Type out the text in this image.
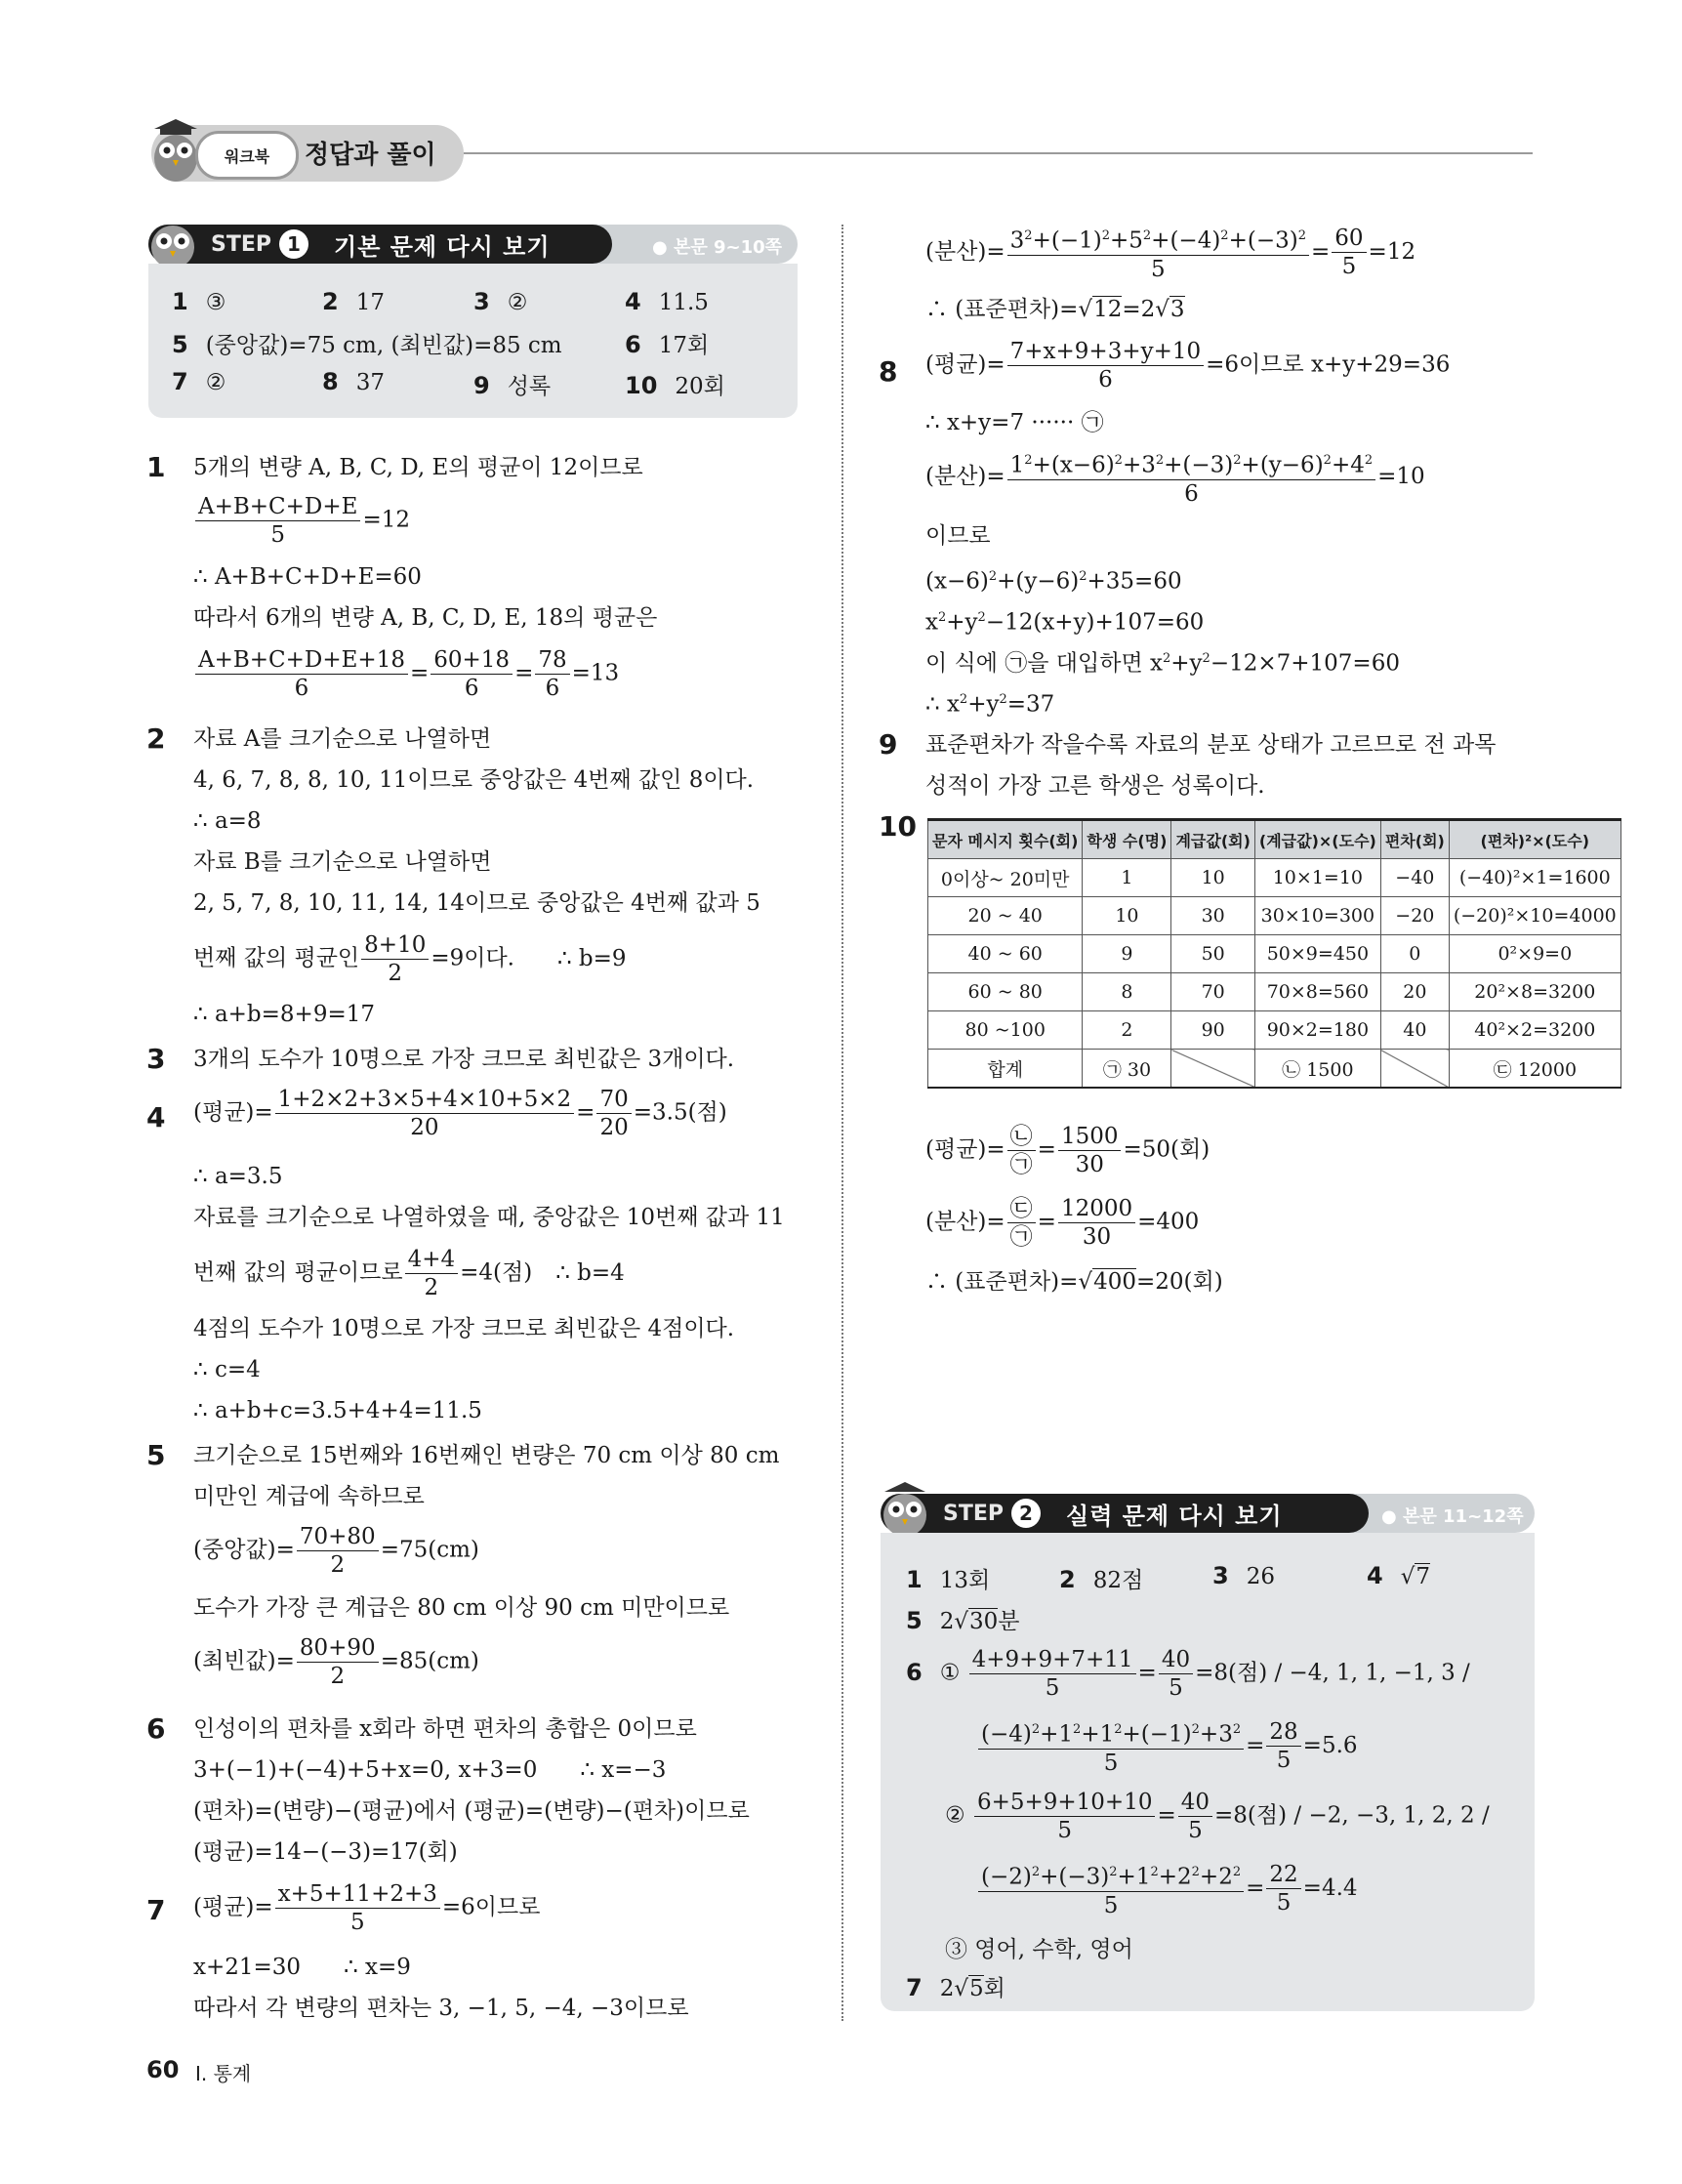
워크북	정답과 풀이
STEP 1	기본 문제 다시 보기	● 본문 9~10쪽
1 ③	2 17	3 ②	4 11.5
5 (중앙값)=75 cm, (최빈값)=85 cm	6 17회
7 ②	8 37	9 성록	10 20회
1 5개의 변량 A, B, C, D, E의 평균이 12이므로
$\frac{A+B+C+D+E}{5} =12$
∴ A+B+C+D+E=60
따라서 6개의 변량 A, B, C, D, E, 18의 평균은
$\frac{A+B+C+D+E+18}{6} = \frac{60+18}{6} = \frac{78}{6} =13$
2 자료 A를 크기순으로 나열하면
4, 6, 7, 8, 8, 10, 11이므로 중앙값은 4번째 값인 8이다.
∴ a=8
자료 B를 크기순으로 나열하면
2, 5, 7, 8, 10, 11, 14, 14이므로 중앙값은 4번째 값과 5
번째 값의 평균인 $\frac{8+10}{2} =9$이다. ∴ b=9
∴ a+b=8+9=17
3 3개의 도수가 10명으로 가장 크므로 최빈값은 3개이다.
4 (평균)= $\frac{1+2\times 2+3\times 5+4\times 10+5\times 2}{20} = \frac{70}{20} =3.5$(점)
∴ a=3.5
자료를 크기순으로 나열하였을 때, 중앙값은 10번째 값과 11
번째 값의 평균이므로 $\frac{4+4}{2} =4$(점) ∴ b=4
4점의 도수가 10명으로 가장 크므로 최빈값은 4점이다.
∴ c=4
∴ a+b+c=3.5+4+4=11.5
5 크기순으로 15번째와 16번째인 변량은 70 cm 이상 80 cm
미만인 계급에 속하므로
(중앙값)= $\frac{70+80}{2} =75(cm)$
도수가 가장 큰 계급은 80 cm 이상 90 cm 미만이므로
(최빈값)= $\frac{80+90}{2} =85(cm)$
6 인성이의 편차를 x회라 하면 편차의 총합은 0이므로
3+(−1)+(−4)+5+x=0, x+3=0 ∴ x=−3
(편차)=(변량)−(평균)에서 (평균)=(변량)−(편차)이므로
(평균)=14−(−3)=17(회)
7 (평균)= $\frac{x+5+11+2+3}{5} =6$이므로
x+21=30 ∴ x=9
따라서 각 변량의 편차는 3, −1, 5, −4, −3이므로
(분산)= $\frac{3^2+(-1)^2+5^2+(-4)^2+(-3)^2}{5} = \frac{60}{5} =12$
∴ (표준편차)=√12=2√3
8 (평균)= $\frac{7+x+9+3+y+10}{6} =6$이므로 x+y+29=36
∴ x+y=7 ······ ㉠
(분산)= $\frac{1^2+(x-6)^2+3^2+(-3)^2+(y-6)^2+4^2}{6} =10$
이므로
$(x-6)^2+(y-6)^2+35=60$
$x^2+y^2-12(x+y)+107=60$
이 식에 ㉠을 대입하면 $x^2+y^2-12\times 7+107=60$
∴ $x^2+y^2=37$
9 표준편차가 작을수록 자료의 분포 상태가 고르므로 전 과목
성적이 가장 고른 학생은 성록이다.
10 문자 메시지 횟수(회)	학생 수(명)	계급값(회)	(계급값)×(도수)	편차(회)	(편차)²×(도수)
0이상~ 20미만	1	10	10×1=10	−40	(−40)²×1=1600
20 ~ 40	10	30	30×10=300	−20	(−20)²×10=4000
40 ~ 60	9	50	50×9=450	0	0²×9=0
60 ~ 80	8	70	70×8=560	20	20²×8=3200
80 ~100	2	90	90×2=180	40	40²×2=3200
합계	㉠ 30		㉡ 1500		㉢ 12000
(평균)= $\frac{㉡}{㉠} = \frac{1500}{30} =50$(회)
(분산)= $\frac{㉢}{㉠} = \frac{12000}{30} =400$
∴ (표준편차)=√400=20(회)
STEP 2	실력 문제 다시 보기	● 본문 11~12쪽
1 13회	2 82점	3 26	4 √7
5 2√30분
6 ① $\frac{4+9+9+7+11}{5} = \frac{40}{5} =8$(점) / −4, 1, 1, −1, 3 /
$\frac{(-4)^2+1^2+1^2+(-1)^2+3^2}{5} = \frac{28}{5} =5.6$
② $\frac{6+5+9+10+10}{5} = \frac{40}{5} =8$(점) / −2, −3, 1, 2, 2 /
$\frac{(-2)^2+(-3)^2+1^2+2^2+2^2}{5} = \frac{22}{5} =4.4$
③ 영어, 수학, 영어
7 2√5회
60 Ⅰ. 통계
